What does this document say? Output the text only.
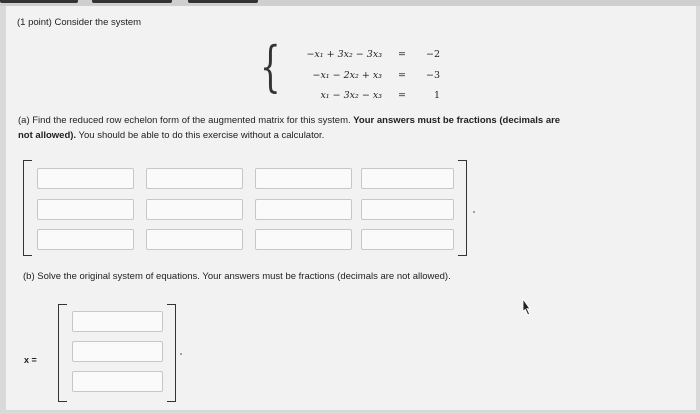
(1 point) Consider the system
{	−x₁ + 3x₂ − 3x₃ =	−2
−x₁ − 2x₂ + x₃ =	−3
x₁ − 3x₂ − x₃ =	1
(a) Find the reduced row echelon form of the augmented matrix for this system. Your answers must be fractions (decimals are
not allowed). You should be able to do this exercise without a calculator.
(b) Solve the original system of equations. Your answers must be fractions (decimals are not allowed).
x =
